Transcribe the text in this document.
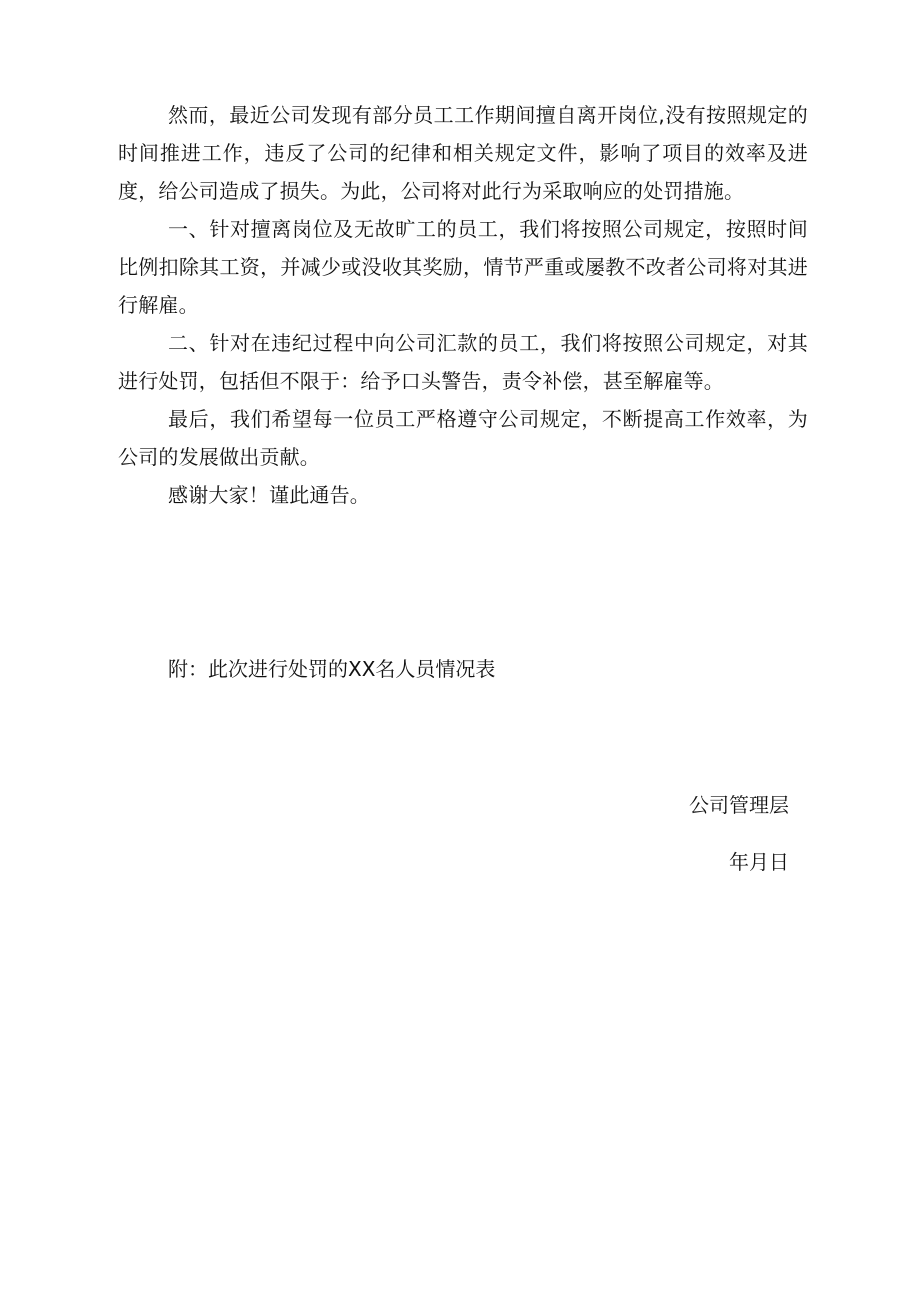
然而，最近公司发现有部分员工工作期间擅自离开岗位,没有按照规定的时间推进工作，违反了公司的纪律和相关规定文件，影响了项目的效率及进度，给公司造成了损失。为此，公司将对此行为采取响应的处罚措施。

一、针对擅离岗位及无故旷工的员工，我们将按照公司规定，按照时间比例扣除其工资，并减少或没收其奖励，情节严重或屡教不改者公司将对其进行解雇。

二、针对在违纪过程中向公司汇款的员工，我们将按照公司规定，对其进行处罚，包括但不限于：给予口头警告，责令补偿，甚至解雇等。

最后，我们希望每一位员工严格遵守公司规定，不断提高工作效率，为公司的发展做出贡献。

感谢大家！谨此通告。

附：此次进行处罚的XX名人员情况表

公司管理层

年月日
